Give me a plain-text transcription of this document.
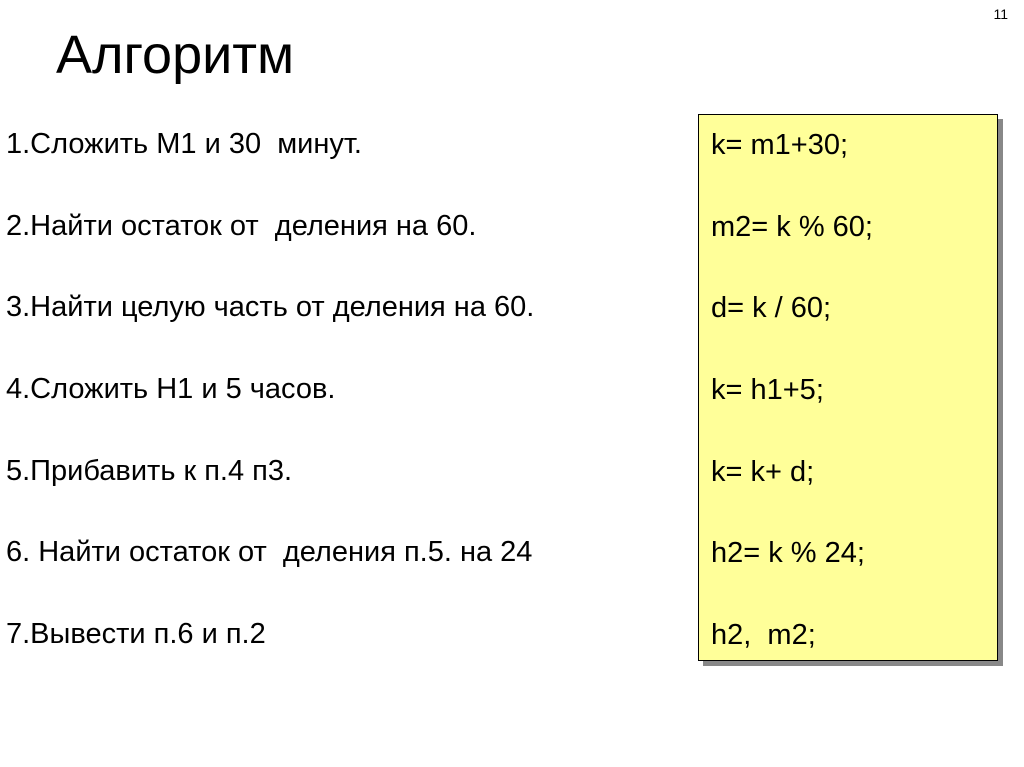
11
Алгоритм
1.Сложить М1 и 30  минут.
2.Найти остаток от  деления на 60.
3.Найти целую часть от деления на 60.
4.Сложить Н1 и 5 часов.
5.Прибавить к п.4 п3.
6. Найти остаток от  деления п.5. на 24
7.Вывести п.6 и п.2
k= m1+30;
m2= k % 60;
d= k / 60;
k= h1+5;
k= k+ d;
h2= k % 24;
h2,  m2;
